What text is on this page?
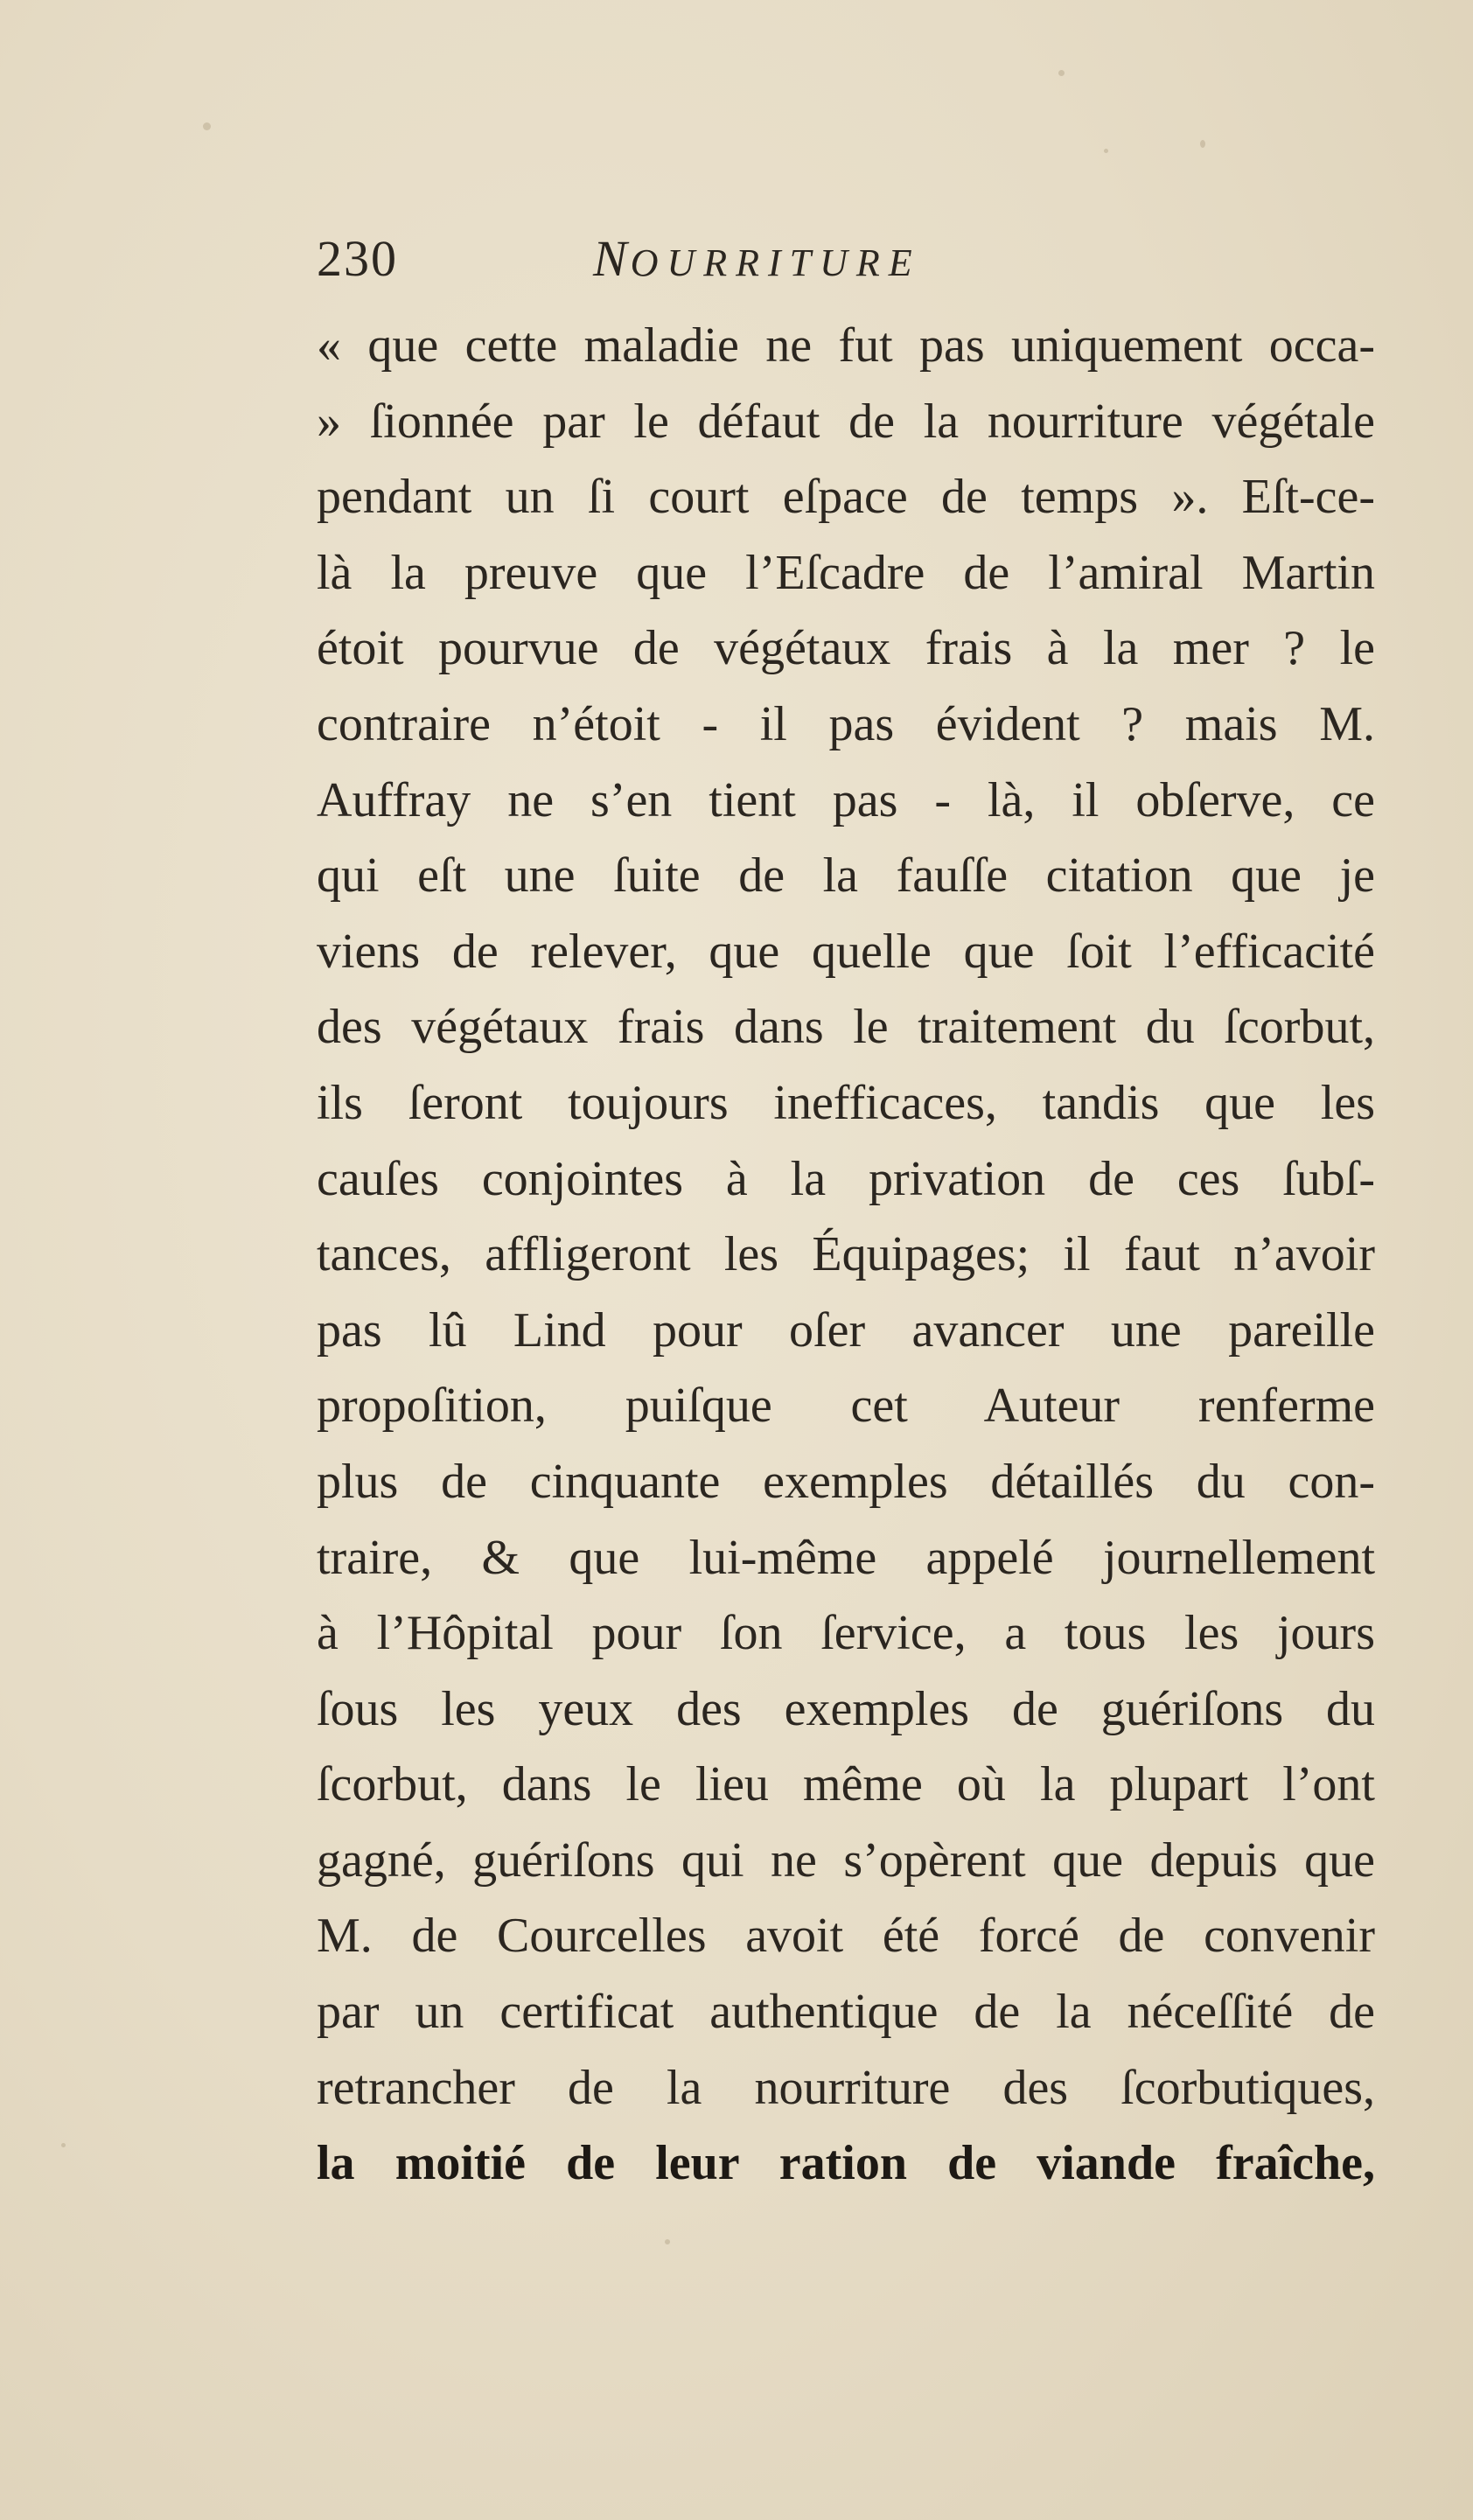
230	NOURRITURE
« que cette maladie ne fut pas uniquement occa-
» ſionnée par le défaut de la nourriture végétale
pendant un ſi court eſpace de temps ». Eſt-ce-
là la preuve que l’Eſcadre de l’amiral Martin
étoit pourvue de végétaux frais à la mer ? le
contraire n’étoit - il pas évident ? mais M.
Auffray ne s’en tient pas - là, il obſerve, ce
qui eſt une ſuite de la fauſſe citation que je
viens de relever, que quelle que ſoit l’efficacité
des végétaux frais dans le traitement du ſcorbut,
ils ſeront toujours inefficaces, tandis que les
cauſes conjointes à la privation de ces ſubſ-
tances, affligeront les Équipages; il faut n’avoir
pas lû Lind pour oſer avancer une pareille
propoſition, puiſque cet Auteur renferme
plus de cinquante exemples détaillés du con-
traire, & que lui-même appelé journellement
à l’Hôpital pour ſon ſervice, a tous les jours
ſous les yeux des exemples de guériſons du
ſcorbut, dans le lieu même où la plupart l’ont
gagné, guériſons qui ne s’opèrent que depuis que
M. de Courcelles avoit été forcé de convenir
par un certificat authentique de la néceſſité de
retrancher de la nourriture des ſcorbutiques,
la moitié de leur ration de viande fraîche,
